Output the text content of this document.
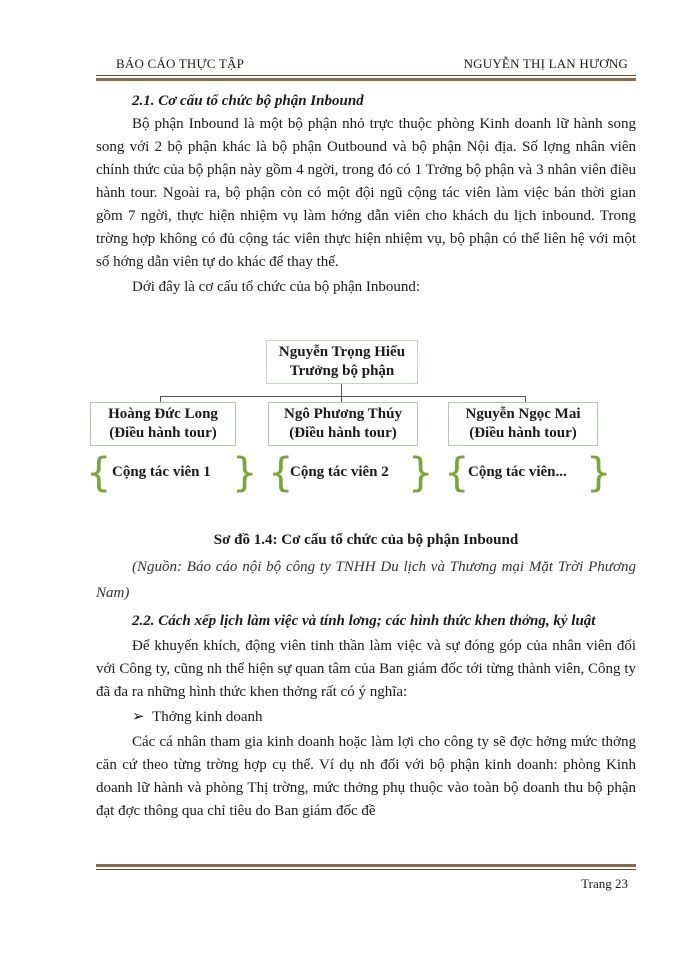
BÁO CÁO THỰC TẬP	NGUYỄN THỊ LAN HƯƠNG

2.1. Cơ cấu tổ chức bộ phận Inbound

Bộ phận Inbound là một bộ phận nhỏ trực thuộc phòng Kinh doanh lữ hành song song với 2 bộ phận khác là bộ phận Outbound và bộ phận Nội địa. Số lợng nhân viên chính thức của bộ phận này gồm 4 ngời, trong đó có 1 Trởng bộ phận và 3 nhân viên điều hành tour. Ngoài ra, bộ phận còn có một đội ngũ cộng tác viên làm việc bán thời gian gồm 7 ngời, thực hiện nhiệm vụ làm hớng dẫn viên cho khách du lịch inbound. Trong trờng hợp không có đủ cộng tác viên thực hiện nhiệm vụ, bộ phận có thể liên hệ với một số hớng dẫn viên tự do khác để thay thế.

Dới đây là cơ cấu tổ chức của bộ phận Inbound:

Nguyễn Trọng Hiếu
Trưởng bộ phận
Hoàng Đức Long
(Điều hành tour)
Ngô Phương Thúy
(Điều hành tour)
Nguyễn Ngọc Mai
(Điều hành tour)
{ Cộng tác viên 1 } {
Cộng tác viên 2 } {
Cộng tác viên... }
Sơ đồ 1.4: Cơ cấu tổ chức của bộ phận Inbound
(Nguồn: Báo cáo nội bộ công ty TNHH Du lịch và Thương mại Mặt Trời Phương Nam)

2.2. Cách xếp lịch làm việc và tính lơng; các hình thức khen thởng, kỷ luật

Để khuyến khích, động viên tinh thần làm việc và sự đóng góp của nhân viên đối với Công ty, cũng nh thể hiện sự quan tâm của Ban giám đốc tới từng thành viên, Công ty đã đa ra những hình thức khen thởng rất có ý nghĩa:

➢ Thởng kinh doanh

Các cá nhân tham gia kinh doanh hoặc làm lợi cho công ty sẽ đợc hởng mức thởng căn cứ theo từng trờng hợp cụ thể. Ví dụ nh đối với bộ phận kinh doanh: phòng Kinh doanh lữ hành và phòng Thị trờng, mức thởng phụ thuộc vào toàn bộ doanh thu bộ phận đạt đợc thông qua chỉ tiêu do Ban giám đốc đề

Trang 23
